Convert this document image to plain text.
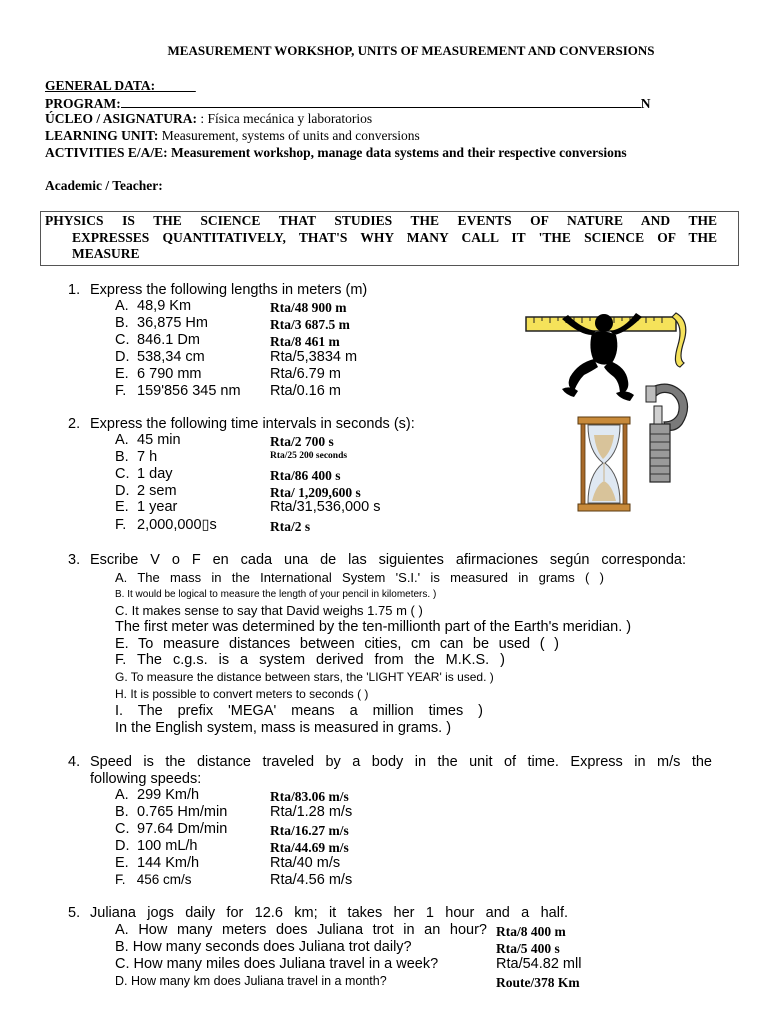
MEASUREMENT WORKSHOP, UNITS OF MEASUREMENT AND CONVERSIONS
GENERAL DATA:______
PROGRAM:	N
ÚCLEO / ASIGNATURA: : Física mecánica y laboratorios
LEARNING UNIT: Measurement, systems of units and conversions
ACTIVITIES E/A/E: Measurement workshop, manage data systems and their respective conversions
Academic / Teacher:
PHYSICS IS THE SCIENCE THAT STUDIES THE EVENTS OF NATURE AND THE
EXPRESSES QUANTITATIVELY, THAT'S WHY MANY CALL IT 'THE SCIENCE OF THE
MEASURE
1. Express the following lengths in meters (m)
A. 48,9 Km	Rta/48 900 m
B. 36,875 Hm	Rta/3 687.5 m
C. 846.1 Dm	Rta/8 461 m
D. 538,34 cm	Rta/5,3834 m
E. 6 790 mm	Rta/6.79 m
F. 159'856 345 nm Rta/0.16 m
2. Express the following time intervals in seconds (s):
A. 45 min	Rta/2 700 s
B. 7 h	Rta/25 200 seconds
C. 1 day	Rta/86 400 s
D. 2 sem	Rta/ 1,209,600 s
E. 1 year	Rta/31,536,000 s
F. 2,000,000▯s	Rta/2 s
3. Escribe V o F en cada una de las siguientes afirmaciones según corresponda:
A. The mass in the International System 'S.I.' is measured in grams ( )
B. It would be logical to measure the length of your pencil in kilometers. )
C. It makes sense to say that David weighs 1.75 m ( )
The first meter was determined by the ten-millionth part of the Earth's meridian. )
E. To measure distances between cities, cm can be used ( )
F. The c.g.s. is a system derived from the M.K.S. )
G. To measure the distance between stars, the 'LIGHT YEAR' is used. )
H. It is possible to convert meters to seconds ( )
I. The prefix 'MEGA' means a million times )
In the English system, mass is measured in grams. )
4. Speed is the distance traveled by a body in the unit of time. Express in m/s the
following speeds:
A. 299 Km/h	Rta/83.06 m/s
B. 0.765 Hm/min	Rta/1.28 m/s
C. 97.64 Dm/min	Rta/16.27 m/s
D. 100 mL/h	Rta/44.69 m/s
E. 144 Km/h	Rta/40 m/s
F. 456 cm/s	Rta/4.56 m/s
5. Juliana jogs daily for 12.6 km; it takes her 1 hour and a half.
A. How many meters does Juliana trot in an hour? Rta/8 400 m
B. How many seconds does Juliana trot daily?	Rta/5 400 s
C. How many miles does Juliana travel in a week?	Rta/54.82 mll
D. How many km does Juliana travel in a month?	Route/378 Km
